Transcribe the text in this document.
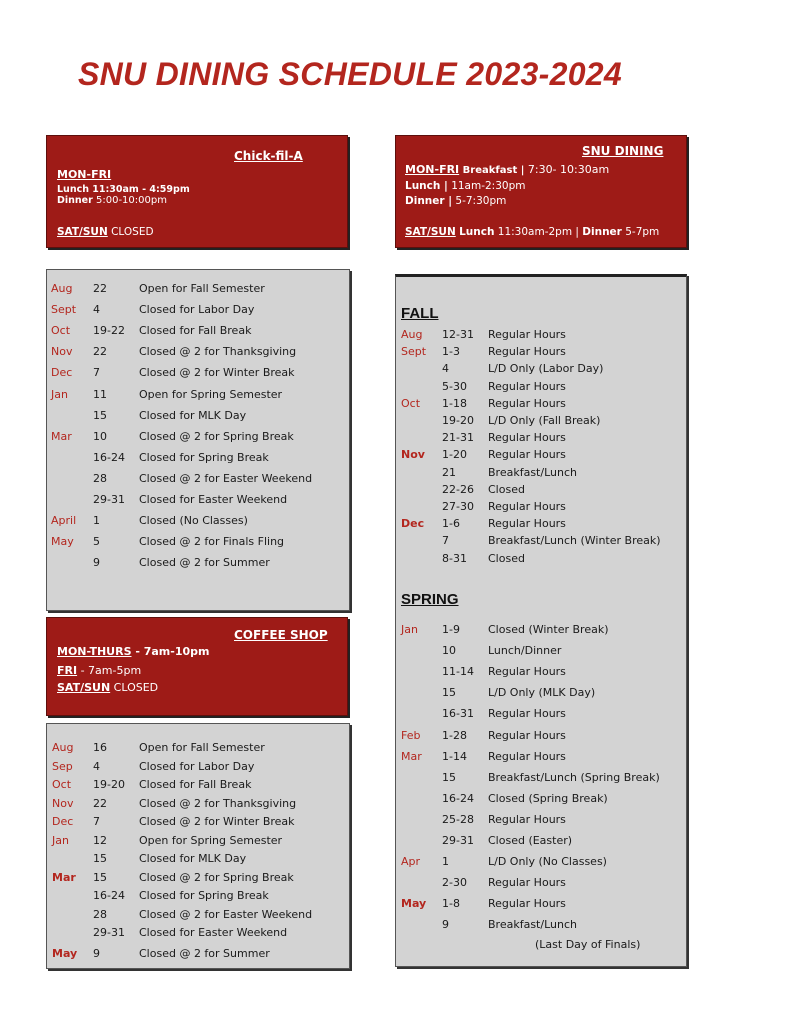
SNU DINING SCHEDULE 2023-2024
Chick-fil-A
MON-FRI
Lunch 11:30am - 4:59pm
Dinner 5:00-10:00pm
SAT/SUN CLOSED
Aug 22	Open for Fall Semester
Sept 4	Closed for Labor Day
Oct 19-22 Closed for Fall Break
Nov 22	Closed @ 2 for Thanksgiving
Dec 7	Closed @ 2 for Winter Break
Jan 11	Open for Spring Semester
15	Closed for MLK Day
Mar 10	Closed @ 2 for Spring Break
16-24 Closed for Spring Break
28	Closed @ 2 for Easter Weekend
29-31 Closed for Easter Weekend
April 1	Closed (No Classes)
May 5	Closed @ 2 for Finals Fling
9	Closed @ 2 for Summer
COFFEE SHOP
MON-THURS - 7am-10pm
FRI - 7am-5pm
SAT/SUN CLOSED
Aug 16	Open for Fall Semester
Sep 4	Closed for Labor Day
Oct 19-20 Closed for Fall Break
Nov 22	Closed @ 2 for Thanksgiving
Dec 7	Closed @ 2 for Winter Break
Jan 12	Open for Spring Semester
15	Closed for MLK Day
Mar 15	Closed @ 2 for Spring Break
16-24 Closed for Spring Break
28	Closed @ 2 for Easter Weekend
29-31 Closed for Easter Weekend
May 9	Closed @ 2 for Summer
SNU DINING
MON-FRI Breakfast | 7:30- 10:30am
Lunch | 11am-2:30pm
Dinner | 5-7:30pm
SAT/SUN Lunch 11:30am-2pm | Dinner 5-7pm
FALL
SPRING
(Last Day of Finals)
Aug 12-31 Regular Hours
Sept 1-3	Regular Hours
4	L/D Only (Labor Day)
5-30 Regular Hours
Oct 1-18 Regular Hours
19-20 L/D Only (Fall Break)
21-31 Regular Hours
Nov 1-20 Regular Hours
21	Breakfast/Lunch
22-26 Closed
27-30 Regular Hours
Dec 1-6	Regular Hours
7	Breakfast/Lunch (Winter Break)
8-31 Closed
Jan 1-9	Closed (Winter Break)
10	Lunch/Dinner
11-14 Regular Hours
15	L/D Only (MLK Day)
16-31 Regular Hours
Feb 1-28 Regular Hours
Mar 1-14 Regular Hours
15	Breakfast/Lunch (Spring Break)
16-24 Closed (Spring Break)
25-28 Regular Hours
29-31 Closed (Easter)
Apr 1	L/D Only (No Classes)
2-30 Regular Hours
May 1-8	Regular Hours
9	Breakfast/Lunch
